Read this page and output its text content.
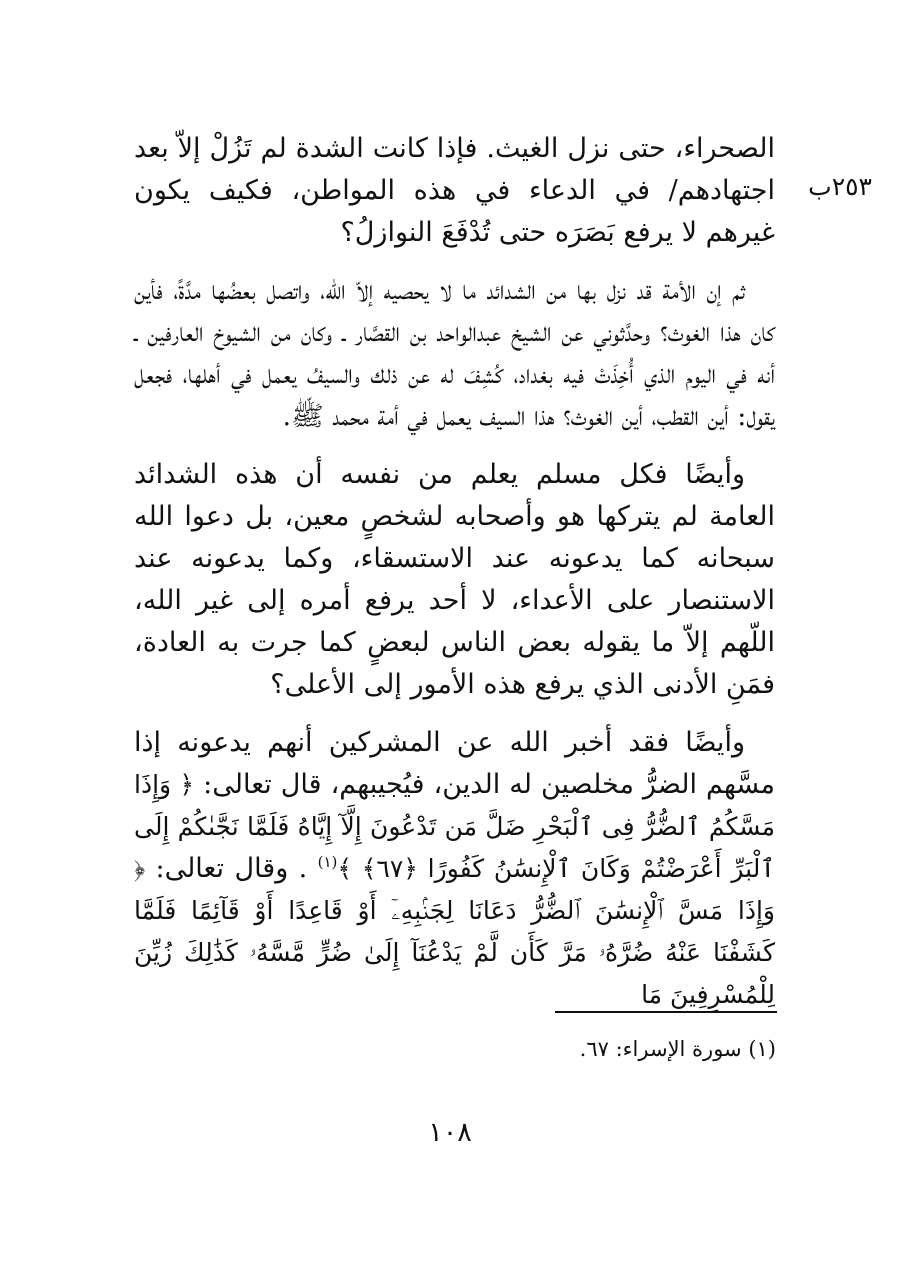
٢٥٣ب

الصحراء، حتى نزل الغيث. فإذا كانت الشدة لم تَزُلْ إلاّ بعد اجتهادهم/ في الدعاء في هذه المواطن، فكيف يكون غيرهم لا يرفع بَصَرَه حتى تُدْفَعَ النوازلُ؟

ثم إن الأمة قد نزل بها من الشدائد ما لا يحصيه إلاّ الله، واتصل بعضُها مدَّةً، فأين كان هذا الغوث؟ وحدَّثوني عن الشيخ عبدالواحد بن القصَّار ـ وكان من الشيوخ العارفين ـ أنه في اليوم الذي أُخِذَتْ فيه بغداد، كُشِفَ له عن ذلك والسيفُ يعمل في أهلها، فجعل يقول: أين القطب، أين الغوث؟ هذا السيف يعمل في أمة محمد ﷺ.

وأيضًا فكل مسلم يعلم من نفسه أن هذه الشدائد العامة لم يتركها هو وأصحابه لشخصٍ معين، بل دعوا الله سبحانه كما يدعونه عند الاستسقاء، وكما يدعونه عند الاستنصار على الأعداء، لا أحد يرفع أمره إلى غير الله، اللّهم إلاّ ما يقوله بعض الناس لبعضٍ كما جرت به العادة، فمَنِ الأدنى الذي يرفع هذه الأمور إلى الأعلى؟

وأيضًا فقد أخبر الله عن المشركين أنهم يدعونه إذا مسَّهم الضرُّ مخلصين له الدين، فيُجيبهم، قال تعالى: ﴿ وَإِذَا مَسَّكُمُ ٱلضُّرُّ فِى ٱلْبَحْرِ ضَلَّ مَن تَدْعُونَ إِلَّآ إِيَّاهُ فَلَمَّا نَجَّىٰكُمْ إِلَى ٱلْبَرِّ أَعْرَضْتُمْ وَكَانَ ٱلْإِنسَٰنُ كَفُورًا ﴿٦٧﴾ ﴾$^{(١)}$ . وقال تعالى: ﴿ وَإِذَا مَسَّ ٱلْإِنسَٰنَ ٱلضُّرُّ دَعَانَا لِجَنۢبِهِۦٓ أَوْ قَاعِدًا أَوْ قَآئِمًا فَلَمَّا كَشَفْنَا عَنْهُ ضُرَّهُۥ مَرَّ كَأَن لَّمْ يَدْعُنَآ إِلَىٰ ضُرٍّ مَّسَّهُۥ كَذَٰلِكَ زُيِّنَ لِلْمُسْرِفِينَ مَا

(١) سورة الإسراء: ٦٧.
١٠٨
